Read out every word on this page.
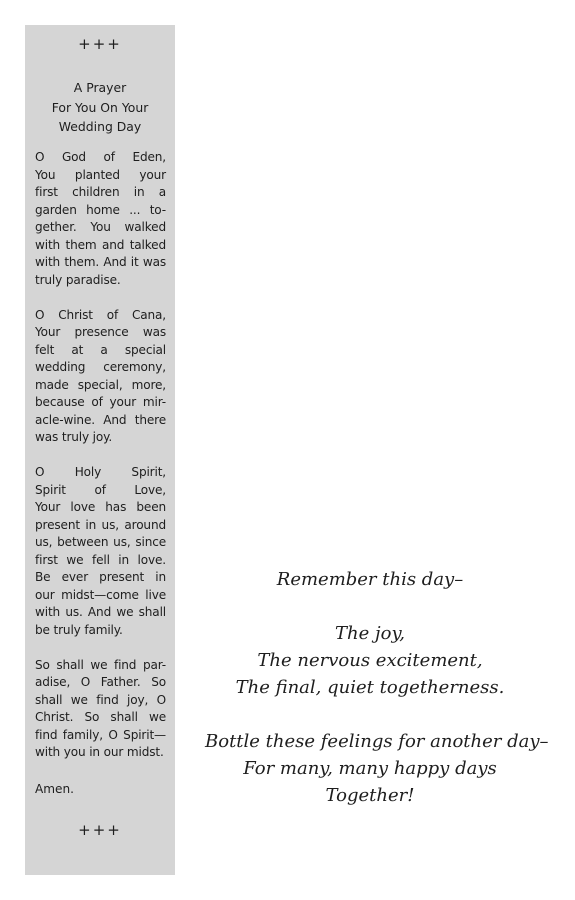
+++
A Prayer
For You On Your
Wedding Day
O God of Eden,
You planted your
first children in a
garden home ... to-
gether. You walked
with them and talked
with them. And it was
truly paradise.
O Christ of Cana,
Your presence was
felt at a special
wedding ceremony,
made special, more,
because of your mir-
acle-wine. And there
was truly joy.
O Holy Spirit,
Spirit of Love,
Your love has been
present in us, around
us, between us, since
first we fell in love.
Be ever present in
our midst—come live
with us. And we shall
be truly family.
So shall we find par-
adise, O Father. So
shall we find joy, O
Christ. So shall we
find family, O Spirit—
with you in our midst.
Amen.
+++
Remember this day–
The joy,
The nervous excitement,
The final, quiet togetherness.
Bottle these feelings for another day–
For many, many happy days
Together!
